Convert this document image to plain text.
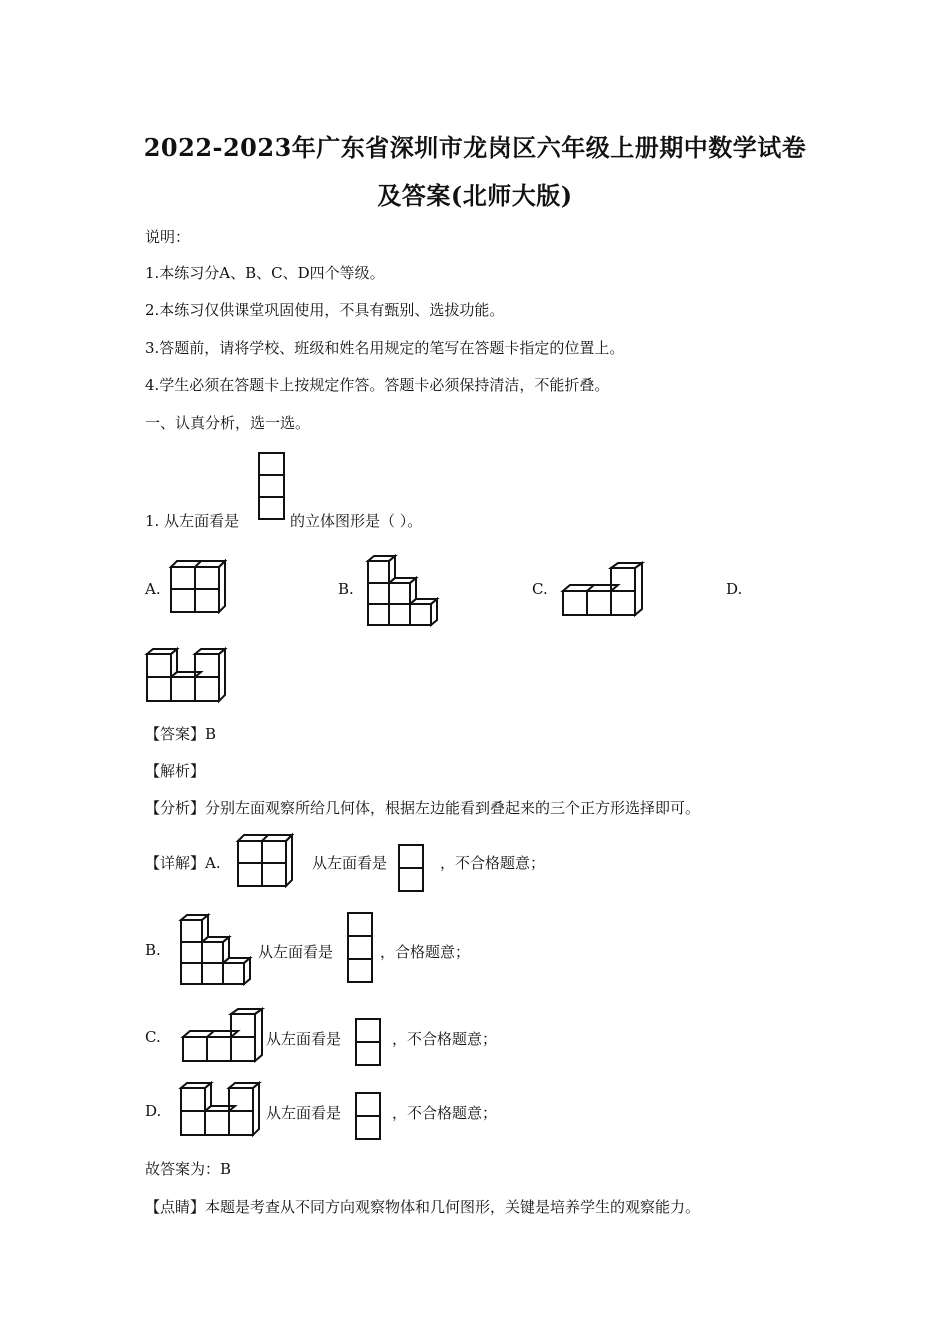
2022-2023年广东省深圳市龙岗区六年级上册期中数学试卷
及答案(北师大版)
说明：
1.本练习分A、B、C、D四个等级。
2.本练习仅供课堂巩固使用，不具有甄别、选拔功能。
3.答题前，请将学校、班级和姓名用规定的笔写在答题卡指定的位置上。
4.学生必须在答题卡上按规定作答。答题卡必须保持清洁，不能折叠。
一、认真分析，选一选。
1. 从左面看是	的立体图形是（ ）。
A.	B.	C.	D.
【答案】B
【解析】
【分析】分别左面观察所给几何体，根据左边能看到叠起来的三个正方形选择即可。
【详解】A.	从左面看是	，不合格题意；
B.	从左面看是	，合格题意；
C.	从左面看是	，不合格题意；
D.	从左面看是	，不合格题意；
故答案为：B
【点睛】本题是考查从不同方向观察物体和几何图形，关键是培养学生的观察能力。
